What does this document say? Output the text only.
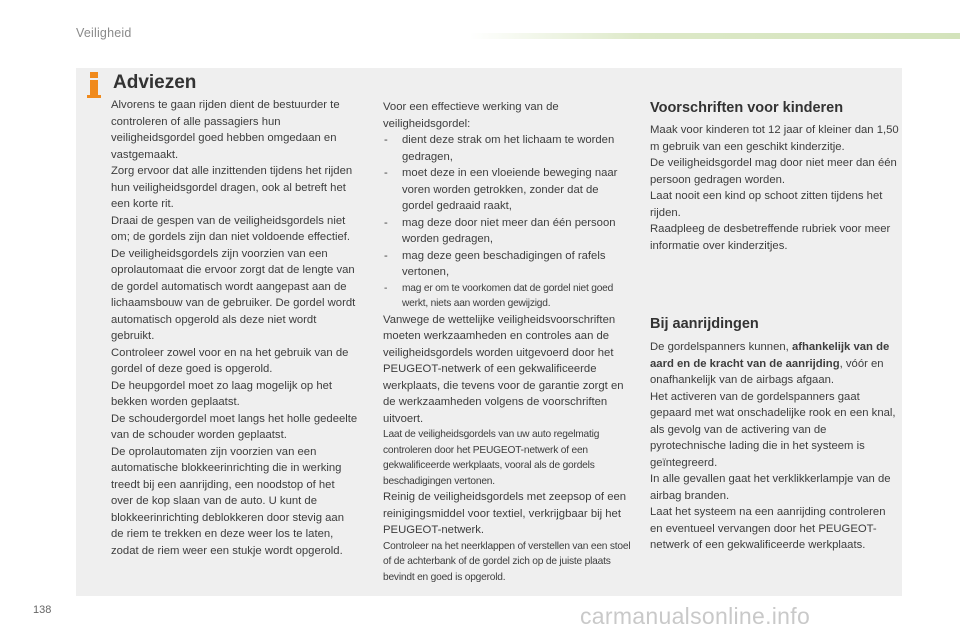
Veiligheid
Adviezen

Alvorens te gaan rijden dient de bestuurder te controleren of alle passagiers hun veiligheidsgordel goed hebben omgedaan en vastgemaakt.

Zorg ervoor dat alle inzittenden tijdens het rijden hun veiligheidsgordel dragen, ook al betreft het een korte rit.

Draai de gespen van de veiligheidsgordels niet om; de gordels zijn dan niet voldoende effectief.

De veiligheidsgordels zijn voorzien van een oprolautomaat die ervoor zorgt dat de lengte van de gordel automatisch wordt aangepast aan de lichaamsbouw van de gebruiker. De gordel wordt automatisch opgerold als deze niet wordt gebruikt.

Controleer zowel voor en na het gebruik van de gordel of deze goed is opgerold.

De heupgordel moet zo laag mogelijk op het bekken worden geplaatst.

De schoudergordel moet langs het holle gedeelte van de schouder worden geplaatst.

De oprolautomaten zijn voorzien van een automatische blokkeerinrichting die in werking treedt bij een aanrijding, een noodstop of het over de kop slaan van de auto. U kunt de blokkeerinrichting deblokkeren door stevig aan de riem te trekken en deze weer los te laten, zodat de riem weer een stukje wordt opgerold.

Voor een effectieve werking van de veiligheidsgordel:

- dient deze strak om het lichaam te worden gedragen,
- moet deze in een vloeiende beweging naar voren worden getrokken, zonder dat de gordel gedraaid raakt,
- mag deze door niet meer dan één persoon worden gedragen,
- mag deze geen beschadigingen of rafels vertonen,
- mag er om te voorkomen dat de gordel niet goed werkt, niets aan worden gewijzigd.

Vanwege de wettelijke veiligheidsvoorschriften moeten werkzaamheden en controles aan de veiligheidsgordels worden uitgevoerd door het PEUGEOT-netwerk of een gekwalificeerde werkplaats, die tevens voor de garantie zorgt en de werkzaamheden volgens de voorschriften uitvoert.

Laat de veiligheidsgordels van uw auto regelmatig controleren door het PEUGEOT-netwerk of een gekwalificeerde werkplaats, vooral als de gordels beschadigingen vertonen.

Reinig de veiligheidsgordels met zeepsop of een reinigingsmiddel voor textiel, verkrijgbaar bij het PEUGEOT-netwerk.

Controleer na het neerklappen of verstellen van een stoel of de achterbank of de gordel zich op de juiste plaats bevindt en goed is opgerold.

Voorschriften voor kinderen

Maak voor kinderen tot 12 jaar of kleiner dan 1,50 m gebruik van een geschikt kinderzitje.

De veiligheidsgordel mag door niet meer dan één persoon gedragen worden.

Laat nooit een kind op schoot zitten tijdens het rijden.

Raadpleeg de desbetreffende rubriek voor meer informatie over kinderzitjes.

Bij aanrijdingen

De gordelspanners kunnen, afhankelijk van de aard en de kracht van de aanrijding, vóór en onafhankelijk van de airbags afgaan.

Het activeren van de gordelspanners gaat gepaard met wat onschadelijke rook en een knal, als gevolg van de activering van de pyrotechnische lading die in het systeem is geïntegreerd.

In alle gevallen gaat het verklikkerlampje van de airbag branden.

Laat het systeem na een aanrijding controleren en eventueel vervangen door het PEUGEOT-netwerk of een gekwalificeerde werkplaats.

138	carmanualsonline.info
